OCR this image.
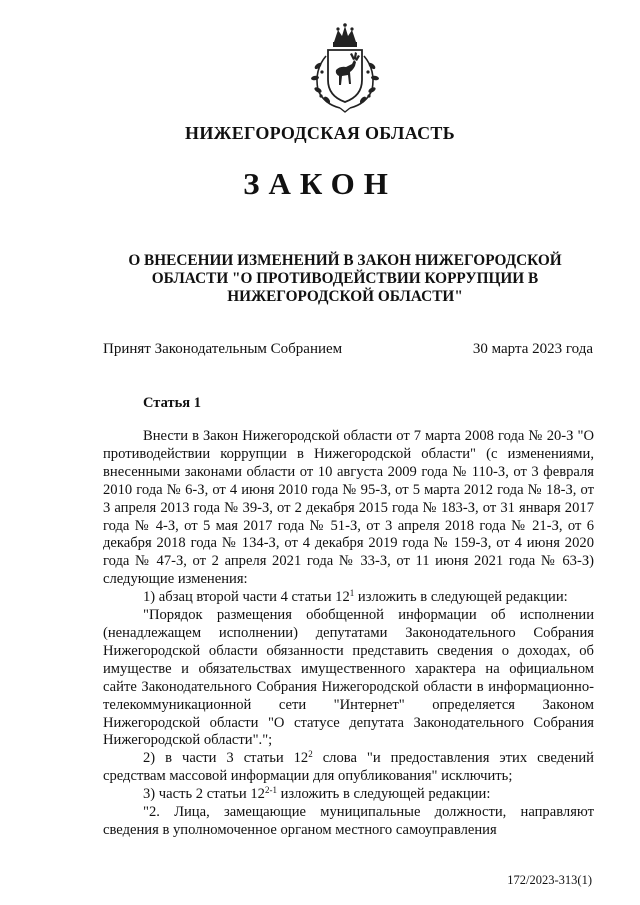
НИЖЕГОРОДСКАЯ ОБЛАСТЬ
ЗАКОН
О ВНЕСЕНИИ ИЗМЕНЕНИЙ В ЗАКОН НИЖЕГОРОДСКОЙ ОБЛАСТИ "О ПРОТИВОДЕЙСТВИИ КОРРУПЦИИ В НИЖЕГОРОДСКОЙ ОБЛАСТИ"
Принят Законодательным Собранием	30 марта 2023 года
Статья 1

Внести в Закон Нижегородской области от 7 марта 2008 года № 20-З "О противодействии коррупции в Нижегородской области" (с изменениями, внесенными законами области от 10 августа 2009 года № 110-З, от 3 февраля 2010 года № 6-З, от 4 июня 2010 года № 95-З, от 5 марта 2012 года № 18-З, от 3 апреля 2013 года № 39-З, от 2 декабря 2015 года № 183-З, от 31 января 2017 года № 4-З, от 5 мая 2017 года № 51-З, от 3 апреля 2018 года № 21-З, от 6 декабря 2018 года № 134-З, от 4 декабря 2019 года № 159-З, от 4 июня 2020 года № 47-З, от 2 апреля 2021 года № 33-З, от 11 июня 2021 года № 63-З) следующие изменения:

1) абзац второй части 4 статьи $12^1$ изложить в следующей редакции:

"Порядок размещения обобщенной информации об исполнении (ненадлежащем исполнении) депутатами Законодательного Собрания Нижегородской области обязанности представить сведения о доходах, об имуществе и обязательствах имущественного характера на официальном сайте Законодательного Собрания Нижегородской области в информационно-телекоммуникационной сети "Интернет" определяется Законом Нижегородской области "О статусе депутата Законодательного Собрания Нижегородской области".";

2) в части 3 статьи $12^2$ слова "и предоставления этих сведений средствам массовой информации для опубликования" исключить;

3) часть 2 статьи 12$^{2-1}$ изложить в следующей редакции:

"2. Лица, замещающие муниципальные должности, направляют сведения в уполномоченное органом местного самоуправления

172/2023-313(1)
